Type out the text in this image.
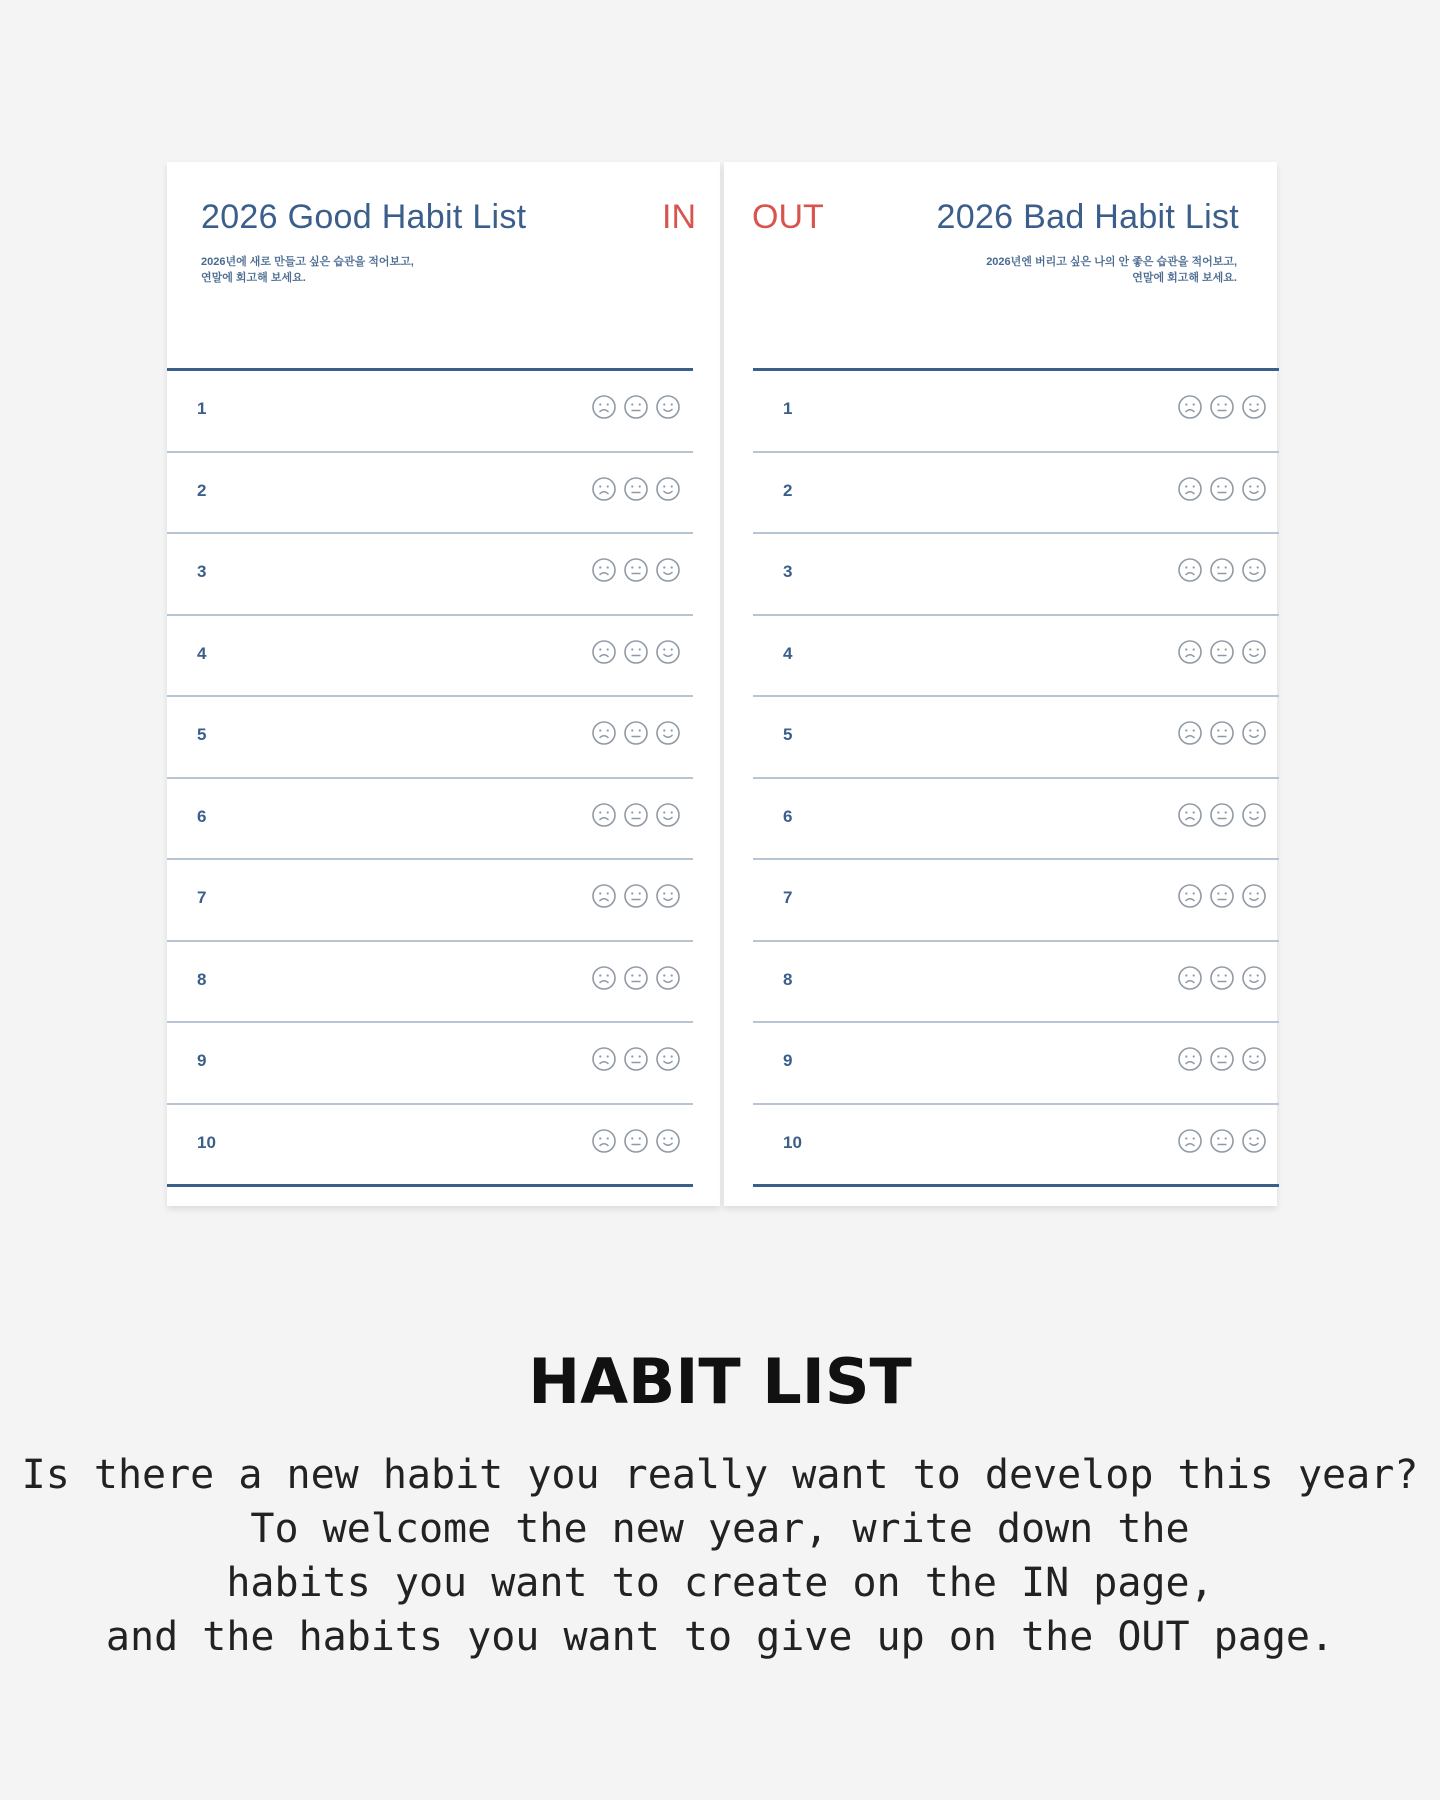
2026 Good Habit List	IN
2026년에 새로 만들고 싶은 습관을 적어보고,
연말에 회고해 보세요.
1
2
3
4
5
6
7
8
9
10
OUT	2026 Bad Habit List
2026년엔 버리고 싶은 나의 안 좋은 습관을 적어보고,
연말에 회고해 보세요.
1
2
3
4
5
6
7
8
9
10
HABIT LIST
Is there a new habit you really want to develop this year?
To welcome the new year, write down the
habits you want to create on the IN page,
and the habits you want to give up on the OUT page.
